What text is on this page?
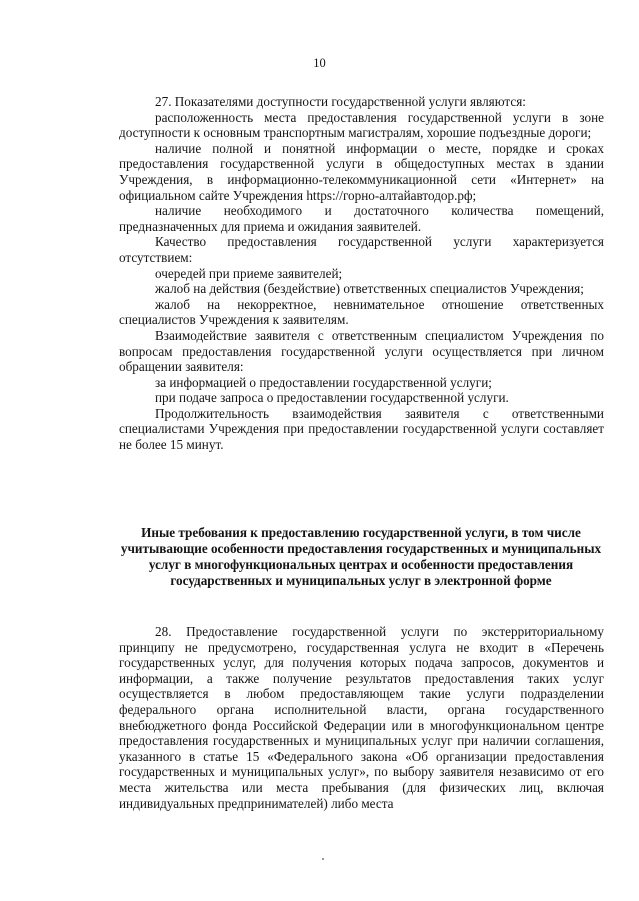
10

27. Показателями доступности государственной услуги являются:

расположенность места предоставления государственной услуги в зоне доступности к основным транспортным магистралям, хорошие подъездные дороги;

наличие полной и понятной информации о месте, порядке и сроках предоставления государственной услуги в общедоступных местах в здании Учреждения, в информационно-телекоммуникационной сети «Интернет» на официальном сайте Учреждения https://горно-алтайавтодор.рф;

наличие необходимого и достаточного количества помещений, предназначенных для приема и ожидания заявителей.

Качество предоставления государственной услуги характеризуется отсутствием:

очередей при приеме заявителей;

жалоб на действия (бездействие) ответственных специалистов Учреждения;

жалоб на некорректное, невнимательное отношение ответственных специалистов Учреждения к заявителям.

Взаимодействие заявителя с ответственным специалистом Учреждения по вопросам предоставления государственной услуги осуществляется при личном обращении заявителя:

за информацией о предоставлении государственной услуги;

при подаче запроса о предоставлении государственной услуги.

Продолжительность взаимодействия заявителя с ответственными специалистами Учреждения при предоставлении государственной услуги составляет не более 15 минут.

Иные требования к предоставлению государственной услуги, в том числе учитывающие особенности предоставления государственных и муниципальных услуг в многофункциональных центрах и особенности предоставления государственных и муниципальных услуг в электронной форме

28. Предоставление государственной услуги по экстерриториальному принципу не предусмотрено, государственная услуга не входит в «Перечень государственных услуг, для получения которых подача запросов, документов и информации, а также получение результатов предоставления таких услуг осуществляется в любом предоставляющем такие услуги подразделении федерального органа исполнительной власти, органа государственного внебюджетного фонда Российской Федерации или в многофункциональном центре предоставления государственных и муниципальных услуг при наличии соглашения, указанного в статье 15 «Федерального закона «Об организации предоставления государственных и муниципальных услуг», по выбору заявителя независимо от его места жительства или места пребывания (для физических лиц, включая индивидуальных предпринимателей) либо места
